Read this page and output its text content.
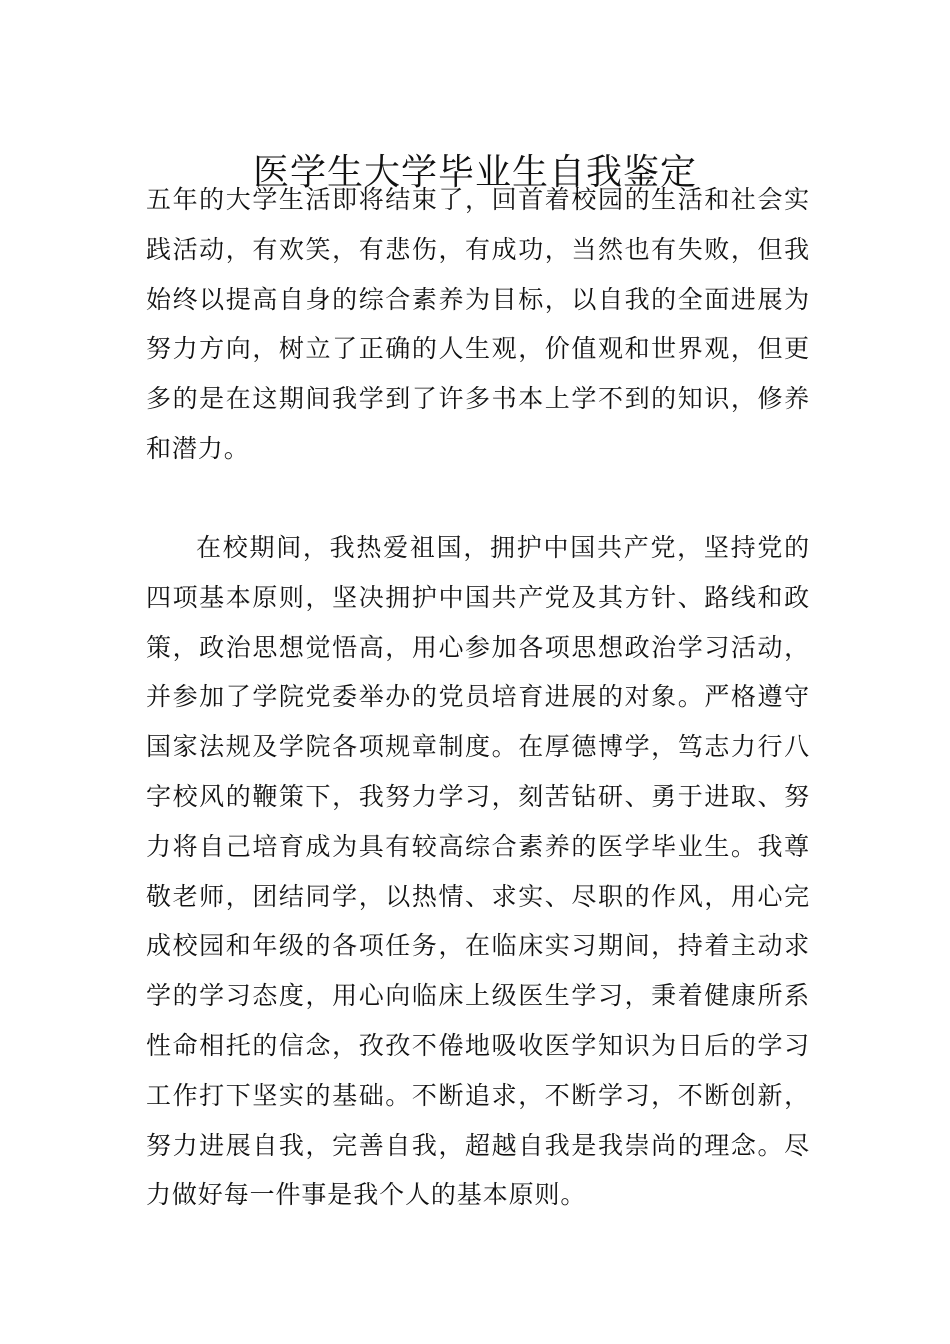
医学生大学毕业生自我鉴定

五年的大学生活即将结束了，回首着校园的生活和社会实践活动，有欢笑，有悲伤，有成功，当然也有失败，但我始终以提高自身的综合素养为目标，以自我的全面进展为努力方向，树立了正确的人生观，价值观和世界观，但更多的是在这期间我学到了许多书本上学不到的知识，修养和潜力。

在校期间，我热爱祖国，拥护中国共产党，坚持党的四项基本原则，坚决拥护中国共产党及其方针、路线和政策，政治思想觉悟高，用心参加各项思想政治学习活动，并参加了学院党委举办的党员培育进展的对象。严格遵守国家法规及学院各项规章制度。在厚德博学，笃志力行八字校风的鞭策下，我努力学习，刻苦钻研、勇于进取、努力将自己培育成为具有较高综合素养的医学毕业生。我尊敬老师，团结同学，以热情、求实、尽职的作风，用心完成校园和年级的各项任务，在临床实习期间，持着主动求学的学习态度，用心向临床上级医生学习，秉着健康所系性命相托的信念，孜孜不倦地吸收医学知识为日后的学习工作打下坚实的基础。不断追求，不断学习，不断创新，努力进展自我，完善自我，超越自我是我崇尚的理念。尽力做好每一件事是我个人的基本原则。
